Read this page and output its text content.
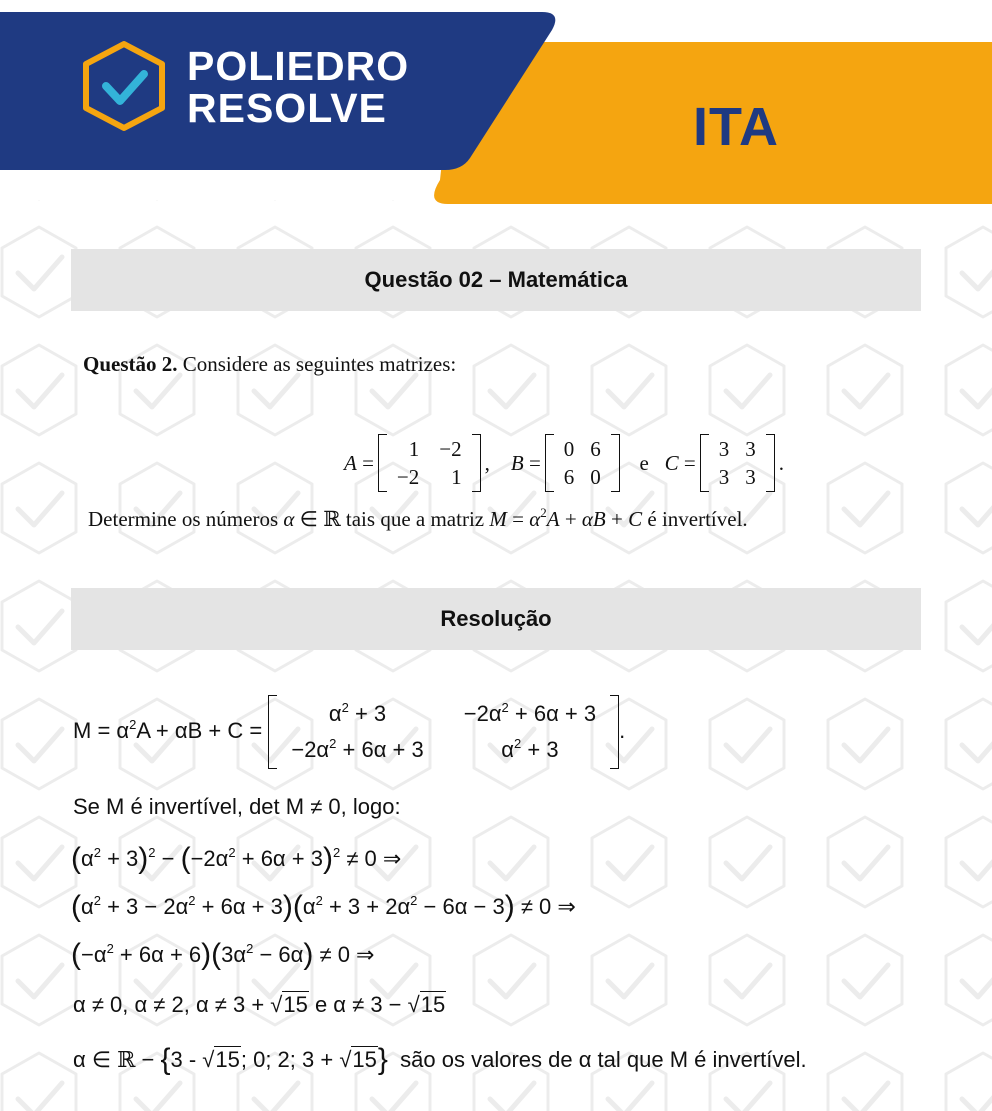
POLIEDRO
RESOLVE	ITA
Questão 02 – Matemática
Questão 2. Considere as seguintes matrizes:
A =
1 −2
−2	1
, B =
0 6
6 0

e
C =
3 3
3 3
.
Determine os números α ∈ ℝ tais que a matriz $M = \alpha^2A + \alpha B + C$ é invertível.
Resolução
$M = \alpha^2A + \alpha B + C$ =
$\alpha^2 + 3$	$-2\alpha^2 + 6\alpha + 3$
$-2\alpha^2 + 6\alpha + 3$	$\alpha^2 + 3$
.
Se M é invertível, det M ≠ 0, logo:
$(\alpha^2 + 3)^2 - (-2\alpha^2 + 6\alpha + 3)^2 \ne 0$ ⇒
$(\alpha^2 + 3 - 2\alpha^2 + 6\alpha + 3)(\alpha^2 + 3 + 2\alpha^2 - 6\alpha - 3) \ne 0$ ⇒
$(-\alpha^2 + 6\alpha + 6)(3\alpha^2 - 6\alpha) \ne 0$ ⇒
α ≠ 0, α ≠ 2, α ≠ 3 + √15 e α ≠ 3 − √15
α ∈ ℝ − {3 - √15; 0; 2; 3 + √15} são os valores de α tal que M é invertível.
